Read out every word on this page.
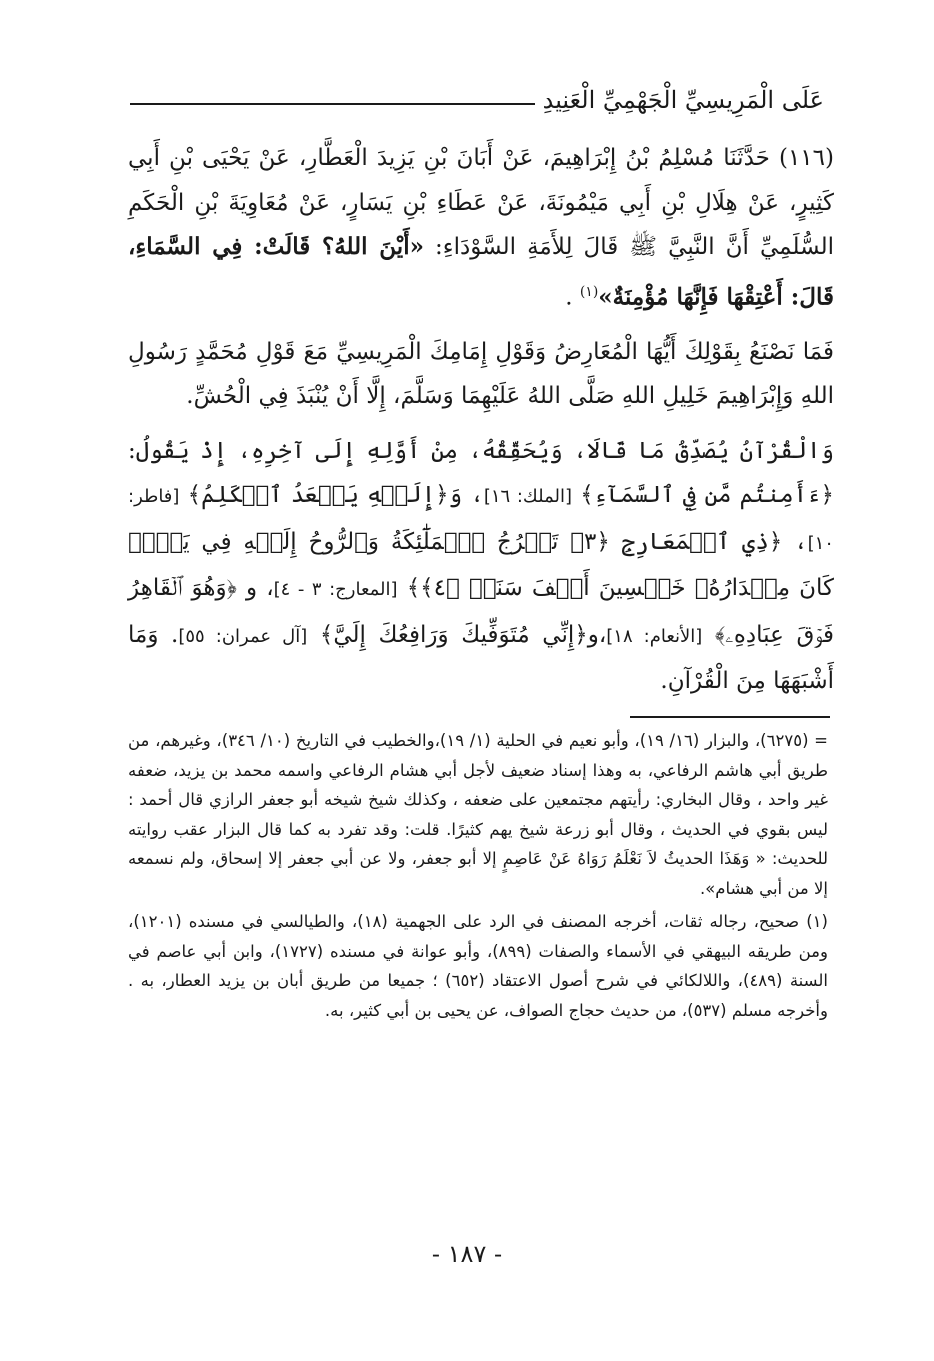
عَلَى الْمَرِيسِيِّ الْجَهْمِيِّ الْعَنِيدِ

(١١٦) حَدَّثَنَا مُسْلِمُ بْنُ إِبْرَاهِيمَ، عَنْ أَبَانَ بْنِ يَزِيدَ الْعَطَّارِ، عَنْ يَحْيَى بْنِ أَبِي كَثِيرٍ، عَنْ هِلَالِ بْنِ أَبِي مَيْمُونَةَ، عَنْ عَطَاءِ بْنِ يَسَارٍ، عَنْ مُعَاوِيَةَ بْنِ الْحَكَمِ السُّلَمِيِّ أَنَّ النَّبِيَّ ﷺ قَالَ لِلأَمَةِ السَّوْدَاءِ: «أَيْنَ اللهُ؟ قَالَتْ: فِي السَّمَاءِ، قَالَ: أَعْتِقْهَا فَإِنَّهَا مُؤْمِنَةٌ»$^{(١)}$ .

فَمَا نَصْنَعُ بِقَوْلِكَ أَيُّهَا الْمُعَارِضُ وَقَوْلِ إِمَامِكَ الْمَرِيسِيِّ مَعَ قَوْلِ مُحَمَّدٍ رَسُولِ اللهِ وَإِبْرَاهِيمَ خَلِيلِ اللهِ صَلَّى اللهُ عَلَيْهِمَا وَسَلَّمَ، إِلَّا أَنْ يُنْبَذَ فِي الْحُشِّ.

وَالْقُرْآنُ يُصَدِّقُ مَا قَالَا، وَيُحَقِّقُهُ، مِنْ أَوَّلِهِ إِلَى آخِرِهِ، إِذْ يَقُولُ: ﴿ءَأَمِنتُم مَّن فِي ٱلسَّمَآءِ﴾ [الملك: ١٦]، وَ﴿إِلَيۡهِ يَصۡعَدُ ٱلۡكَلِمُ﴾ [فاطر: ١٠]، ﴿ذِي ٱلۡمَعَارِجِ ﴿٣﴾ تَعۡرُجُ ٱلۡمَلَٰٓئِكَةُ وَٱلرُّوحُ إِلَيۡهِ فِي يَوۡمٖ كَانَ مِقۡدَارُهُۥ خَمۡسِينَ أَلۡفَ سَنَةٖ ﴿٤﴾﴾ [المعارج: ٣ - ٤]، و ﴿وَهُوَ ٱلۡقَاهِرُ فَوۡقَ عِبَادِهِۦ﴾ [الأنعام: ١٨]،و﴿إِنِّي مُتَوَفِّيكَ وَرَافِعُكَ إِلَيَّ﴾ [آل عمران: ٥٥]. وَمَا أَشْبَهَهَا مِنَ الْقُرْآنِ.

= (٦٢٧٥)، والبزار (١٦/ ١٩)، وأبو نعيم في الحلية (١/ ١٩)،والخطيب في التاريخ (١٠/ ٣٤٦)، وغيرهم، من طريق أبي هاشم الرفاعي، به وهذا إسناد ضعيف لأجل أبي هشام الرفاعي واسمه محمد بن يزيد، ضعفه غير واحد ، وقال البخاري: رأيتهم مجتمعين على ضعفه ، وكذلك شيخ شيخه أبو جعفر الرازي قال أحمد : ليس بقوي في الحديث ، وقال أبو زرعة شيخ يهم كثيرًا. قلت: وقد تفرد به كما قال البزار عقب روايته للحديث: « وَهَذَا الحديثُ لاَ نَعْلَمُ رَوَاهُ عَنْ عَاصِمٍ إلا أبو جعفر، ولا عن أبي جعفر إلا إسحاق، ولم نسمعه إلا من أبي هشام».

(١) صحيح، رجاله ثقات، أخرجه المصنف في الرد على الجهمية (١٨)، والطيالسي في مسنده (١٢٠١)، ومن طريقه البيهقي في الأسماء والصفات (٨٩٩)، وأبو عوانة في مسنده (١٧٢٧)، وابن أبي عاصم في السنة (٤٨٩)، واللالكائي في شرح أصول الاعتقاد (٦٥٢) ؛ جميعا من طريق أبان بن يزيد العطار، به . وأخرجه مسلم (٥٣٧)، من حديث حجاج الصواف، عن يحيى بن أبي كثير، به.

- ١٨٧ -
